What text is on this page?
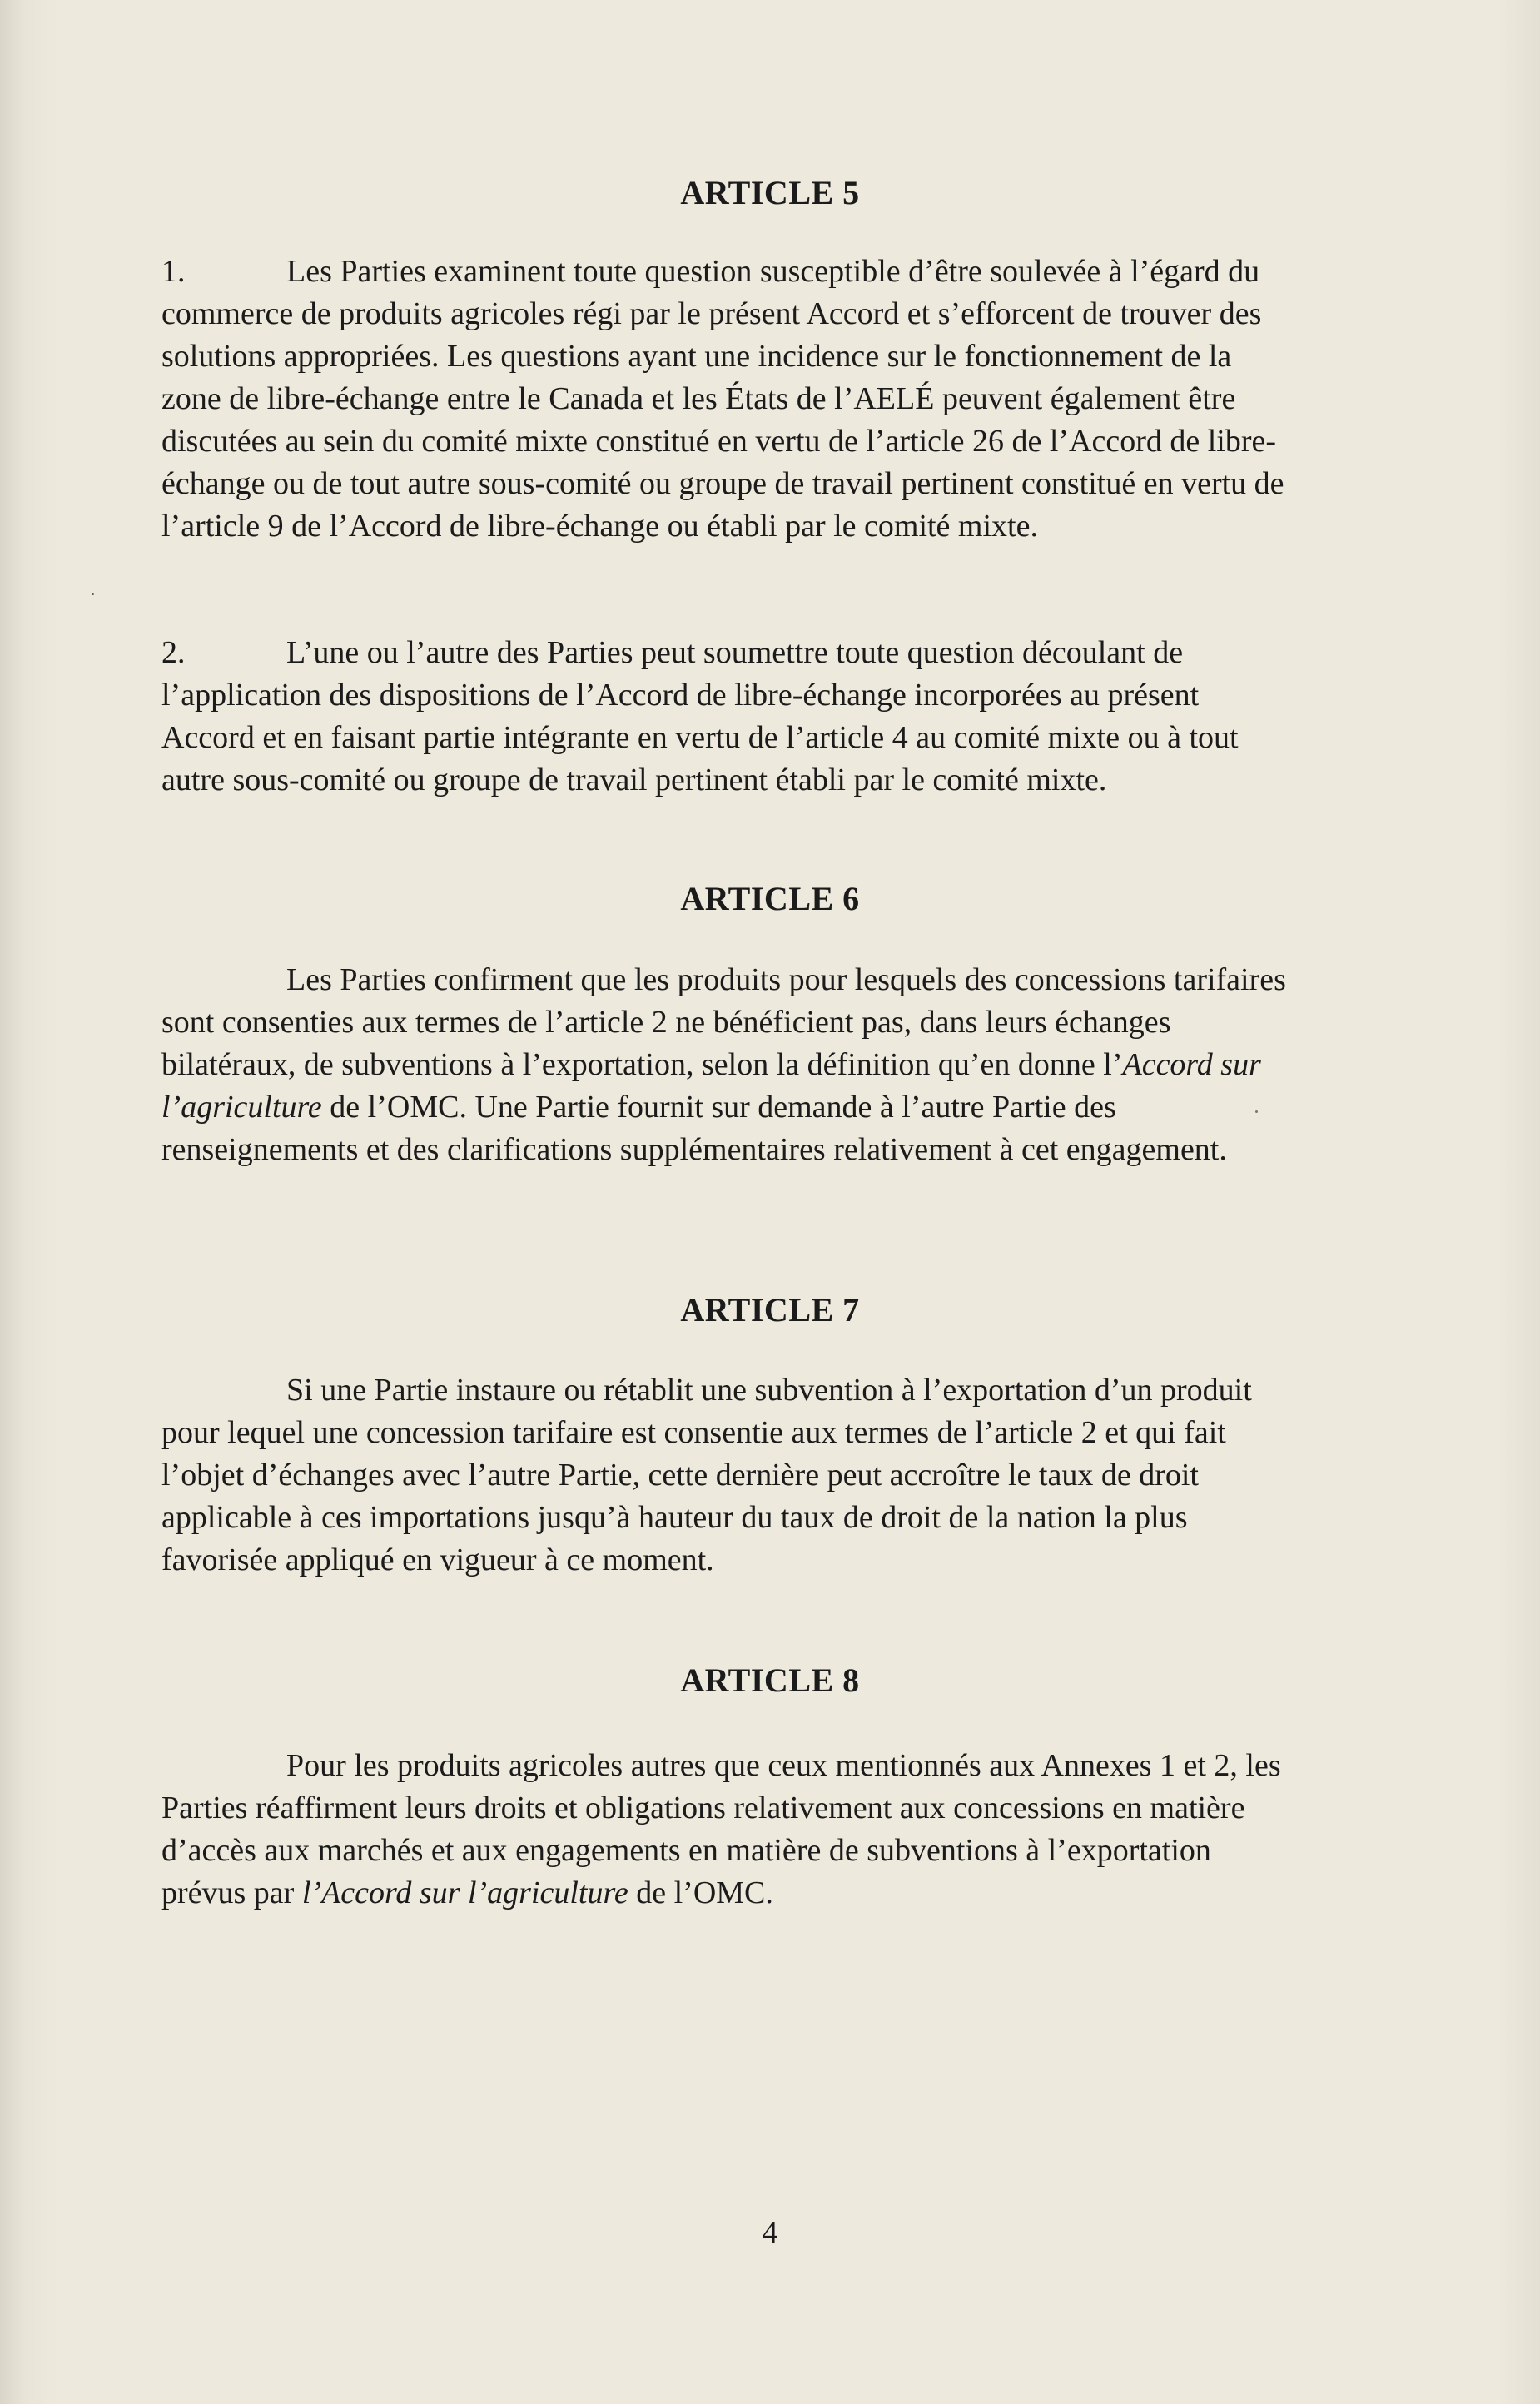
ARTICLE 5

1.	Les Parties examinent toute question susceptible d’être soulevée à l’égard du commerce de produits agricoles régi par le présent Accord et s’efforcent de trouver des solutions appropriées. Les questions ayant une incidence sur le fonctionnement de la zone de libre-échange entre le Canada et les États de l’AELÉ peuvent également être discutées au sein du comité mixte constitué en vertu de l’article 26 de l’Accord de libre-échange ou de tout autre sous-comité ou groupe de travail pertinent constitué en vertu de l’article 9 de l’Accord de libre-échange ou établi par le comité mixte.

2.	L’une ou l’autre des Parties peut soumettre toute question découlant de l’application des dispositions de l’Accord de libre-échange incorporées au présent Accord et en faisant partie intégrante en vertu de l’article 4 au comité mixte ou à tout autre sous-comité ou groupe de travail pertinent établi par le comité mixte.

ARTICLE 6

Les Parties confirment que les produits pour lesquels des concessions tarifaires sont consenties aux termes de l’article 2 ne bénéficient pas, dans leurs échanges bilatéraux, de subventions à l’exportation, selon la définition qu’en donne l’Accord sur l’agriculture de l’OMC. Une Partie fournit sur demande à l’autre Partie des renseignements et des clarifications supplémentaires relativement à cet engagement.

ARTICLE 7

Si une Partie instaure ou rétablit une subvention à l’exportation d’un produit pour lequel une concession tarifaire est consentie aux termes de l’article 2 et qui fait l’objet d’échanges avec l’autre Partie, cette dernière peut accroître le taux de droit applicable à ces importations jusqu’à hauteur du taux de droit de la nation la plus favorisée appliqué en vigueur à ce moment.

ARTICLE 8

Pour les produits agricoles autres que ceux mentionnés aux Annexes 1 et 2, les Parties réaffirment leurs droits et obligations relativement aux concessions en matière d’accès aux marchés et aux engagements en matière de subventions à l’exportation prévus par l’Accord sur l’agriculture de l’OMC.

4
